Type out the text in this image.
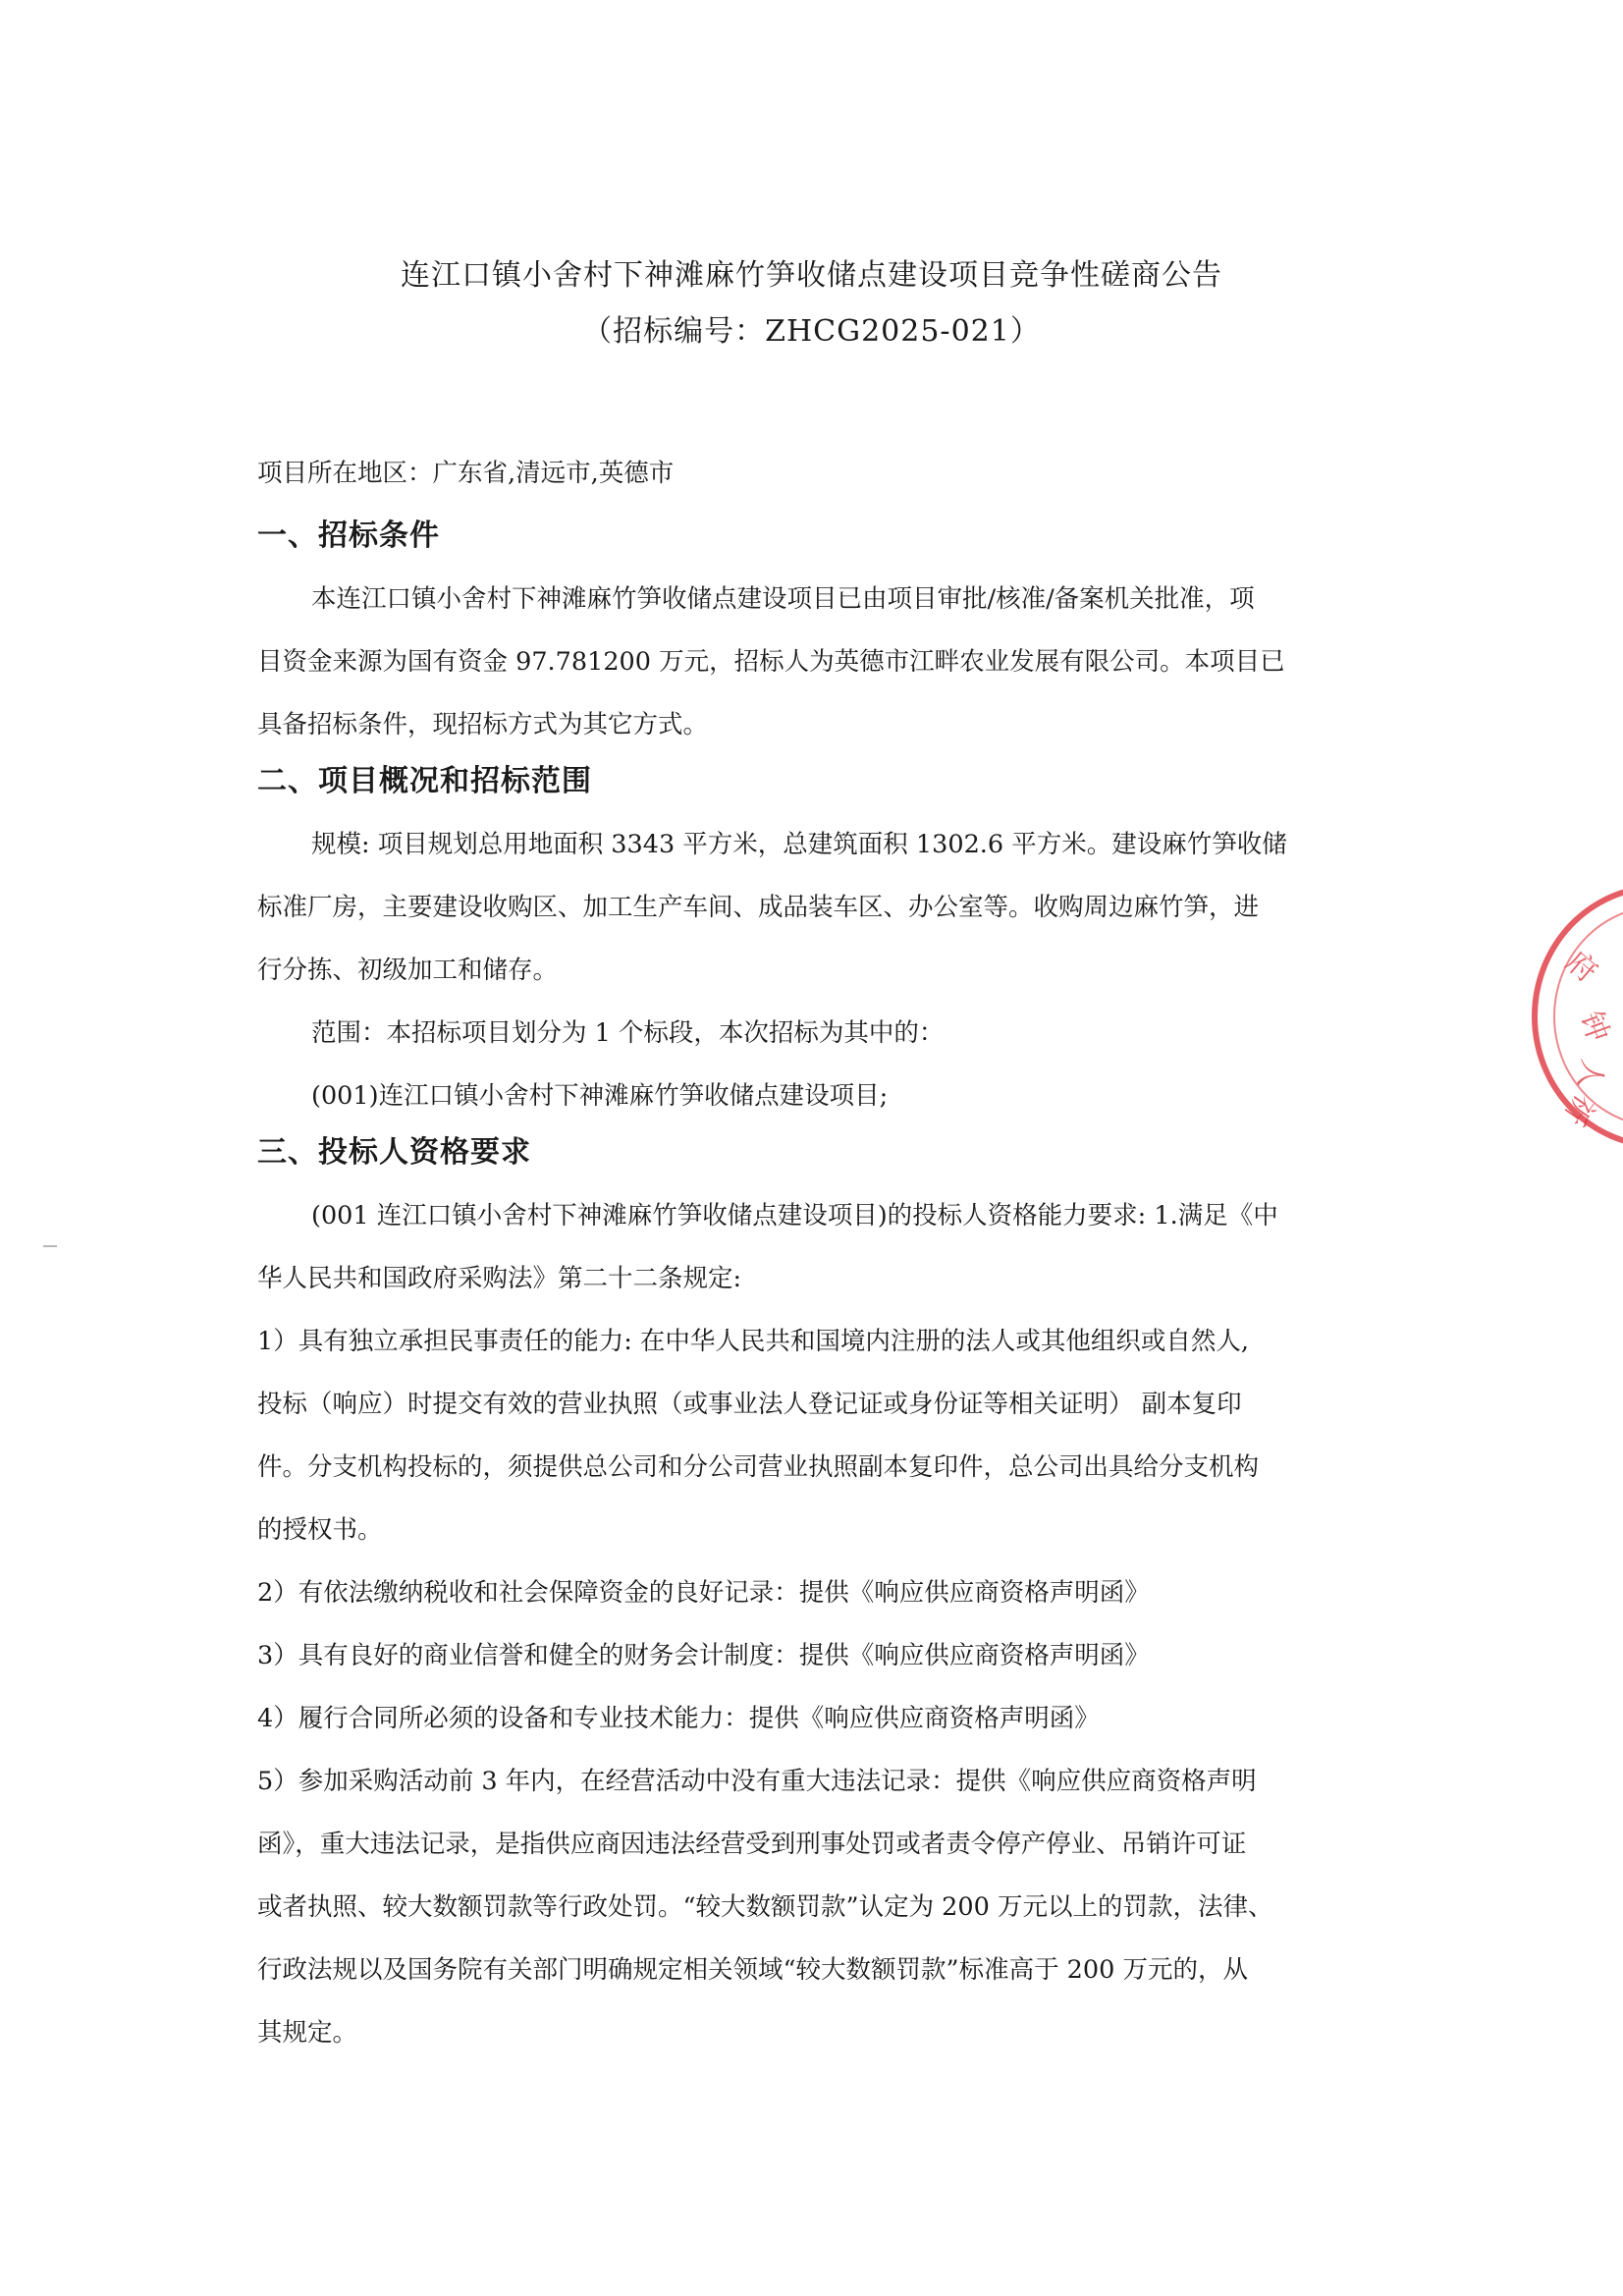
连江口镇小舍村下神滩麻竹笋收储点建设项目竞争性磋商公告
（招标编号：ZHCG2025-021）
项目所在地区：广东省,清远市,英德市
一、招标条件
本连江口镇小舍村下神滩麻竹笋收储点建设项目已由项目审批/核准/备案机关批准，项
目资金来源为国有资金 97.781200 万元，招标人为英德市江畔农业发展有限公司。本项目已
具备招标条件，现招标方式为其它方式。
二、项目概况和招标范围
规模: 项目规划总用地面积 3343 平方米，总建筑面积 1302.6 平方米。建设麻竹笋收储
标准厂房，主要建设收购区、加工生产车间、成品装车区、办公室等。收购周边麻竹笋，进
行分拣、初级加工和储存。
范围：本招标项目划分为 1 个标段，本次招标为其中的：
(001)连江口镇小舍村下神滩麻竹笋收储点建设项目;
三、投标人资格要求
(001 连江口镇小舍村下神滩麻竹笋收储点建设项目)的投标人资格能力要求: 1.满足《中
华人民共和国政府采购法》第二十二条规定:
1）具有独立承担民事责任的能力: 在中华人民共和国境内注册的法人或其他组织或自然人,
投标（响应）时提交有效的营业执照（或事业法人登记证或身份证等相关证明） 副本复印
件。分支机构投标的，须提供总公司和分公司营业执照副本复印件，总公司出具给分支机构
的授权书。
2）有依法缴纳税收和社会保障资金的良好记录：提供《响应供应商资格声明函》
3）具有良好的商业信誉和健全的财务会计制度：提供《响应供应商资格声明函》
4）履行合同所必须的设备和专业技术能力：提供《响应供应商资格声明函》
5）参加采购活动前 3 年内，在经营活动中没有重大违法记录：提供《响应供应商资格声明
函》，重大违法记录，是指供应商因违法经营受到刑事处罚或者责令停产停业、吊销许可证
或者执照、较大数额罚款等行政处罚。“较大数额罚款”认定为 200 万元以上的罚款，法律、
行政法规以及国务院有关部门明确规定相关领域“较大数额罚款”标准高于 200 万元的，从
其规定。
府
钟
人
祈
